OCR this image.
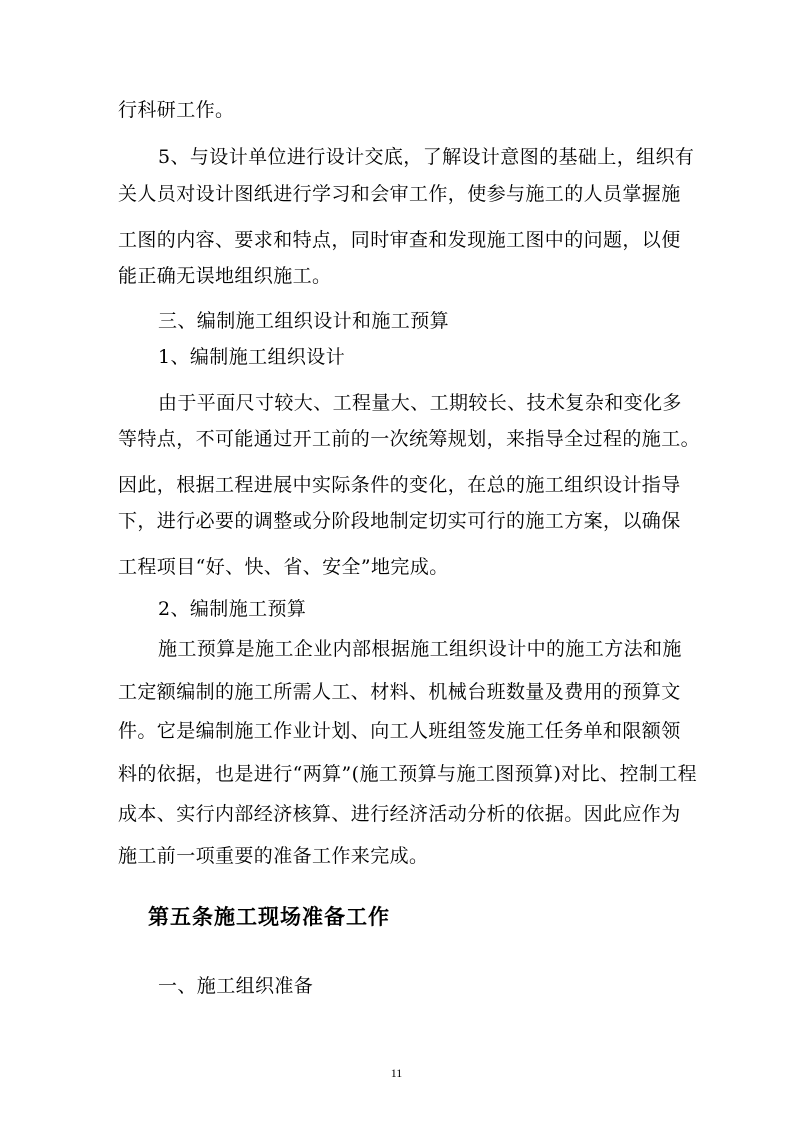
行科研工作。
5、与设计单位进行设计交底，了解设计意图的基础上，组织有
关人员对设计图纸进行学习和会审工作，使参与施工的人员掌握施
工图的内容、要求和特点，同时审查和发现施工图中的问题，以便
能正确无误地组织施工。
三、编制施工组织设计和施工预算
1、编制施工组织设计
由于平面尺寸较大、工程量大、工期较长、技术复杂和变化多
等特点，不可能通过开工前的一次统筹规划，来指导全过程的施工。
因此，根据工程进展中实际条件的变化，在总的施工组织设计指导
下，进行必要的调整或分阶段地制定切实可行的施工方案，以确保
工程项目“好、快、省、安全”地完成。
2、编制施工预算
施工预算是施工企业内部根据施工组织设计中的施工方法和施
工定额编制的施工所需人工、材料、机械台班数量及费用的预算文
件。它是编制施工作业计划、向工人班组签发施工任务单和限额领
料的依据，也是进行“两算”(施工预算与施工图预算)对比、控制工程
成本、实行内部经济核算、进行经济活动分析的依据。因此应作为
施工前一项重要的准备工作来完成。
第五条施工现场准备工作
一、施工组织准备
11
